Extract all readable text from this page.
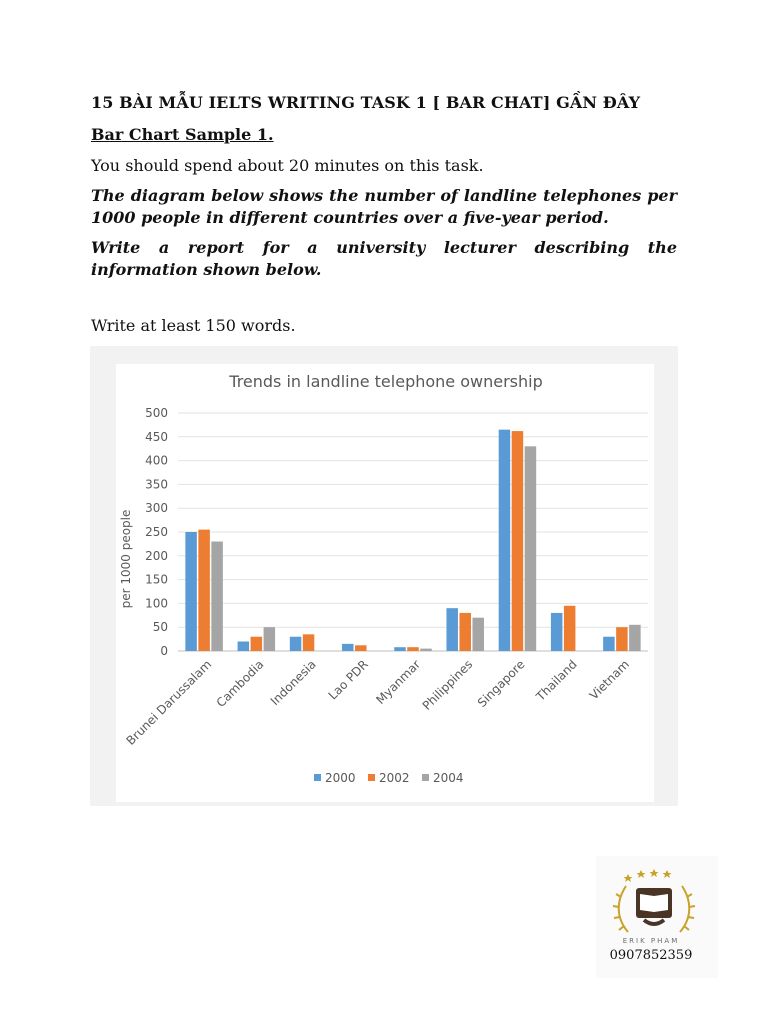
15 BÀI MẪU IELTS WRITING TASK 1 [ BAR CHAT] GẦN ĐÂY
Bar Chart Sample 1.
You should spend about 20 minutes on this task.
The diagram below shows the number of landline telephones per 1000 people in different countries over a five-year period.
Write a report for a university lecturer describing the information shown below.
Write at least 150 words.
Trends in landline telephone ownership
0
50
100
150
200
250
300
350
400
450
500
Brunei Darussalam Cambodia Indonesia Lao PDR Myanmar
Philippines Singapore Thailand Vietnam
per 1000 people
2000 2002 2004
ERIK PHAM
0907852359
